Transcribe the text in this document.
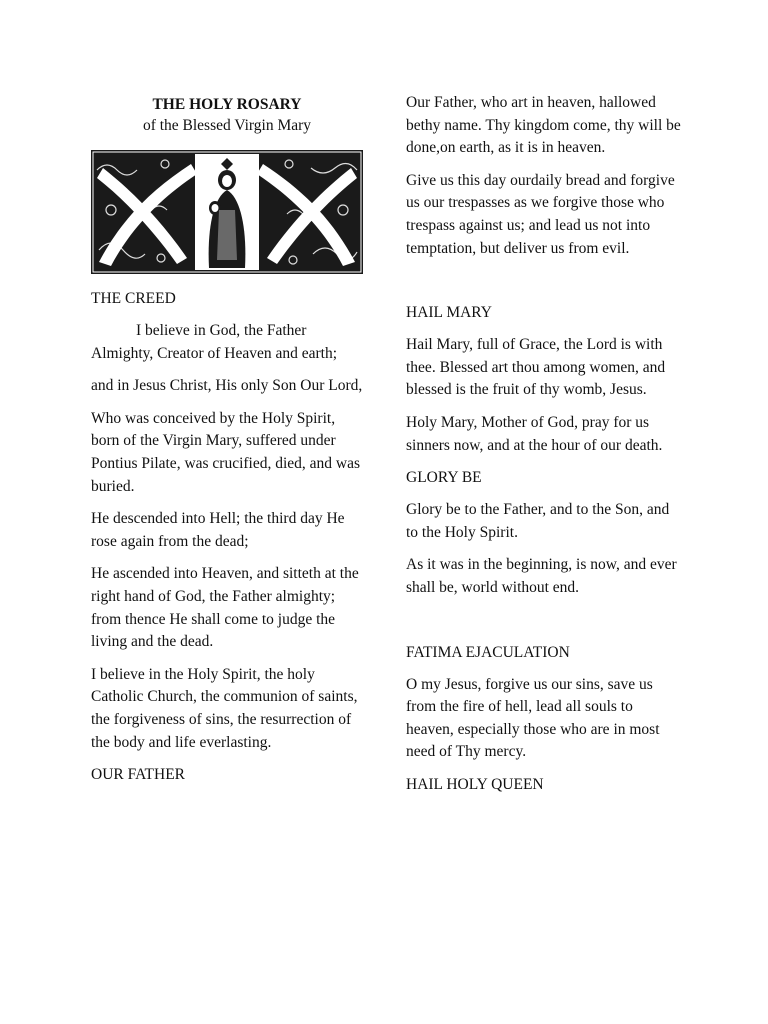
THE HOLY ROSARY
of the Blessed Virgin Mary

THE CREED

I believe in God, the Father Almighty, Creator of Heaven and earth;

and in Jesus Christ, His only Son Our Lord,

Who was conceived by the Holy Spirit, born of the Virgin Mary, suffered under Pontius Pilate, was crucified, died, and was buried.

He descended into Hell; the third day He rose again from the dead;

He ascended into Heaven, and sitteth at the right hand of God, the Father almighty; from thence He shall come to judge the living and the dead.

I believe in the Holy Spirit, the holy Catholic Church, the communion of saints, the forgiveness of sins, the resurrection of the body and life everlasting.

OUR FATHER

Our Father, who art in heaven, hallowed bethy name. Thy kingdom come, thy will be done,on earth, as it is in heaven.

Give us this day ourdaily bread and forgive us our trespasses as we forgive those who trespass against us; and lead us not into temptation, but deliver us from evil.

HAIL MARY

Hail Mary, full of Grace, the Lord is with thee. Blessed art thou among women, and blessed is the fruit of thy womb, Jesus.

Holy Mary, Mother of God, pray for us sinners now, and at the hour of our death.

GLORY BE

Glory be to the Father, and to the Son, and to the Holy Spirit.

As it was in the beginning, is now, and ever shall be, world without end.

FATIMA EJACULATION

O my Jesus, forgive us our sins, save us from the fire of hell, lead all souls to heaven, especially those who are in most need of Thy mercy.

HAIL HOLY QUEEN
